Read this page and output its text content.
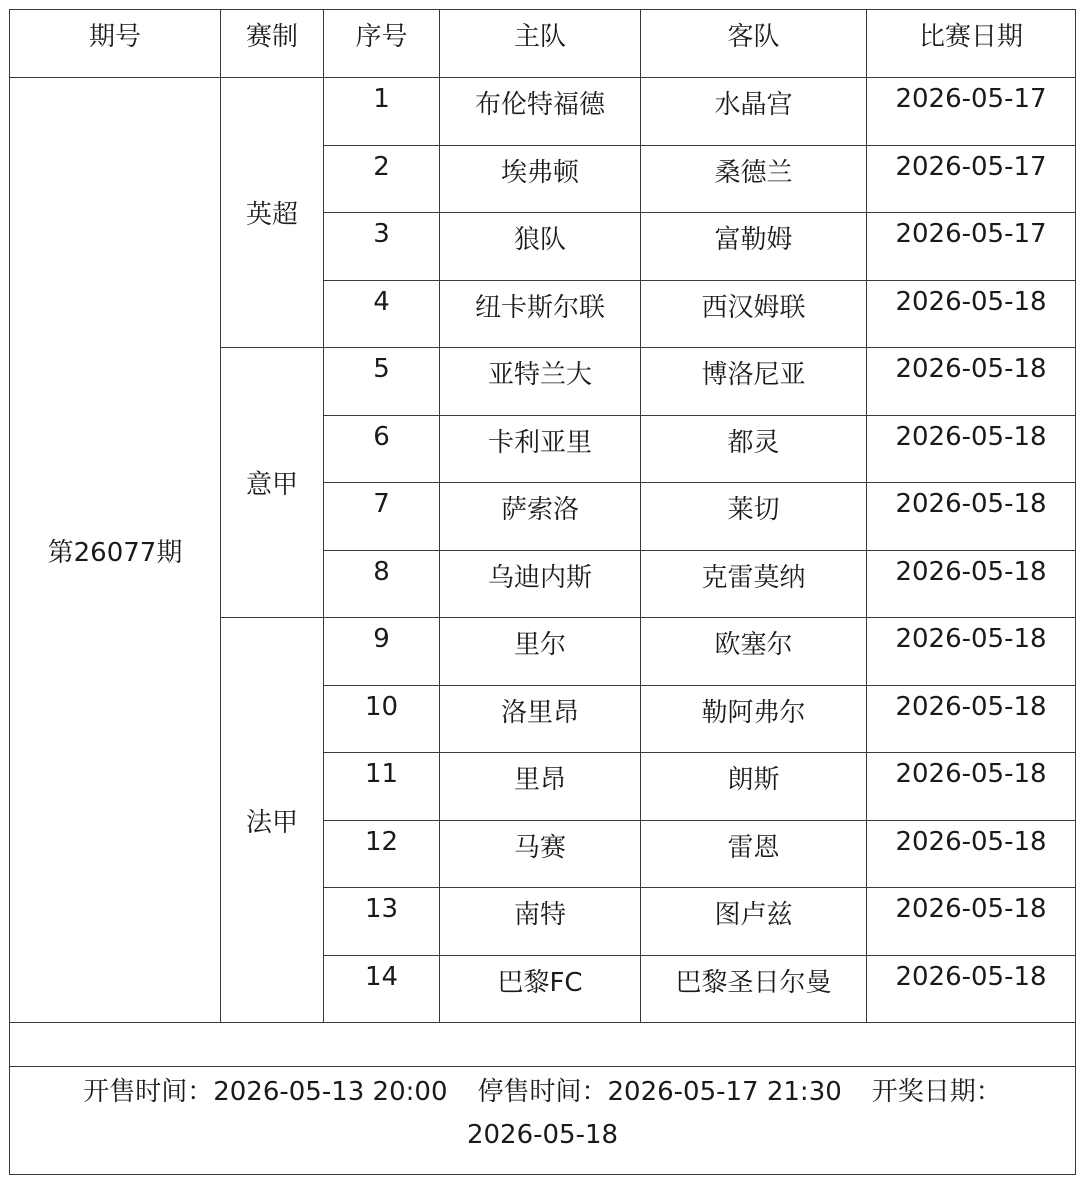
期号	赛制	序号	主队	客队	比赛日期
第26077期	英超	1	布伦特福德	水晶宫	2026-05-17
		2	埃弗顿	桑德兰	2026-05-17
		3	狼队	富勒姆	2026-05-17
		4	纽卡斯尔联	西汉姆联	2026-05-18
	意甲	5	亚特兰大	博洛尼亚	2026-05-18
		6	卡利亚里	都灵	2026-05-18
		7	萨索洛	莱切	2026-05-18
		8	乌迪内斯	克雷莫纳	2026-05-18
	法甲	9	里尔	欧塞尔	2026-05-18
		10	洛里昂	勒阿弗尔	2026-05-18
		11	里昂	朗斯	2026-05-18
		12	马赛	雷恩	2026-05-18
		13	南特	图卢兹	2026-05-18
		14	巴黎FC	巴黎圣日尔曼	2026-05-18

开售时间：2026-05-13 20:00 停售时间：2026-05-17 21:30 开奖日期：
2026-05-18					
